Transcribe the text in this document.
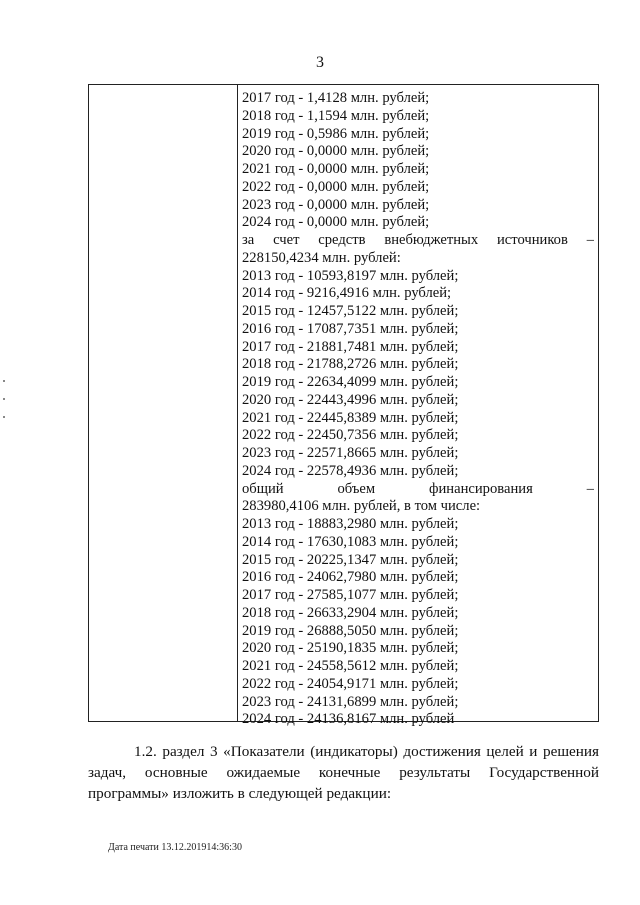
3
2017 год - 1,4128 млн. рублей;
2018 год - 1,1594 млн. рублей;
2019 год - 0,5986 млн. рублей;
2020 год - 0,0000 млн. рублей;
2021 год - 0,0000 млн. рублей;
2022 год - 0,0000 млн. рублей;
2023 год - 0,0000 млн. рублей;
2024 год - 0,0000 млн. рублей;
за счет средств внебюджетных источников –
228150,4234 млн. рублей:
2013 год - 10593,8197 млн. рублей;
2014 год - 9216,4916 млн. рублей;
2015 год - 12457,5122 млн. рублей;
2016 год - 17087,7351 млн. рублей;
2017 год - 21881,7481 млн. рублей;
2018 год - 21788,2726 млн. рублей;
2019 год - 22634,4099 млн. рублей;
2020 год - 22443,4996 млн. рублей;
2021 год - 22445,8389 млн. рублей;
2022 год - 22450,7356 млн. рублей;
2023 год - 22571,8665 млн. рублей;
2024 год - 22578,4936 млн. рублей;
общий	объем	финансирования	–
283980,4106 млн. рублей, в том числе:
2013 год - 18883,2980 млн. рублей;
2014 год - 17630,1083 млн. рублей;
2015 год - 20225,1347 млн. рублей;
2016 год - 24062,7980 млн. рублей;
2017 год - 27585,1077 млн. рублей;
2018 год - 26633,2904 млн. рублей;
2019 год - 26888,5050 млн. рублей;
2020 год - 25190,1835 млн. рублей;
2021 год - 24558,5612 млн. рублей;
2022 год - 24054,9171 млн. рублей;
2023 год - 24131,6899 млн. рублей;
2024 год - 24136,8167 млн. рублей
1.2. раздел 3 «Показатели (индикаторы) достижения целей и решения
задач, основные ожидаемые конечные результаты Государственной
программы» изложить в следующей редакции:
Дата печати 13.12.201914:36:30
